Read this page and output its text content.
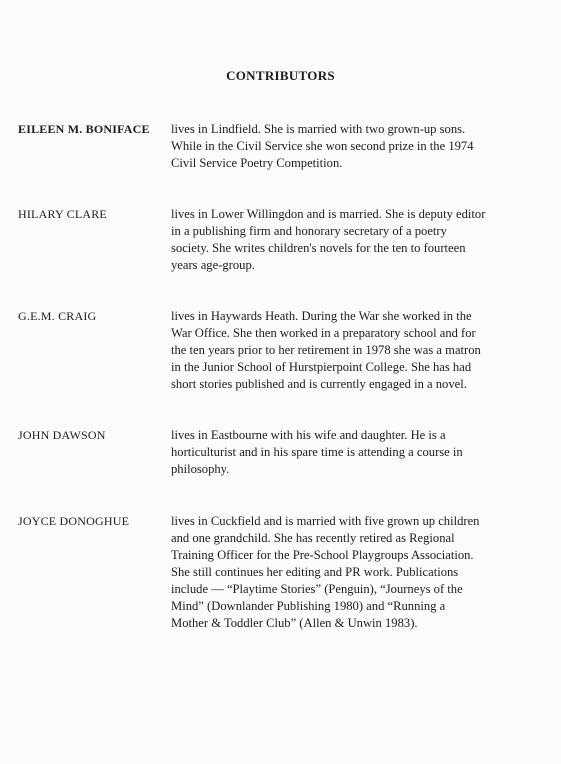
CONTRIBUTORS
EILEEN M. BONIFACE	lives in Lindfield. She is married with two grown-up sons.
While in the Civil Service she won second prize in the 1974
Civil Service Poetry Competition.
HILARY CLARE	lives in Lower Willingdon and is married. She is deputy editor
in a publishing firm and honorary secretary of a poetry
society. She writes children's novels for the ten to fourteen
years age-group.
G.E.M. CRAIG	lives in Haywards Heath. During the War she worked in the
War Office. She then worked in a preparatory school and for
the ten years prior to her retirement in 1978 she was a matron
in the Junior School of Hurstpierpoint College. She has had
short stories published and is currently engaged in a novel.
JOHN DAWSON	lives in Eastbourne with his wife and daughter. He is a
horticulturist and in his spare time is attending a course in
philosophy.
JOYCE DONOGHUE	lives in Cuckfield and is married with five grown up children
and one grandchild. She has recently retired as Regional
Training Officer for the Pre-School Playgroups Association.
She still continues her editing and PR work. Publications
include — “Playtime Stories” (Penguin), “Journeys of the
Mind” (Downlander Publishing 1980) and “Running a
Mother & Toddler Club” (Allen & Unwin 1983).
